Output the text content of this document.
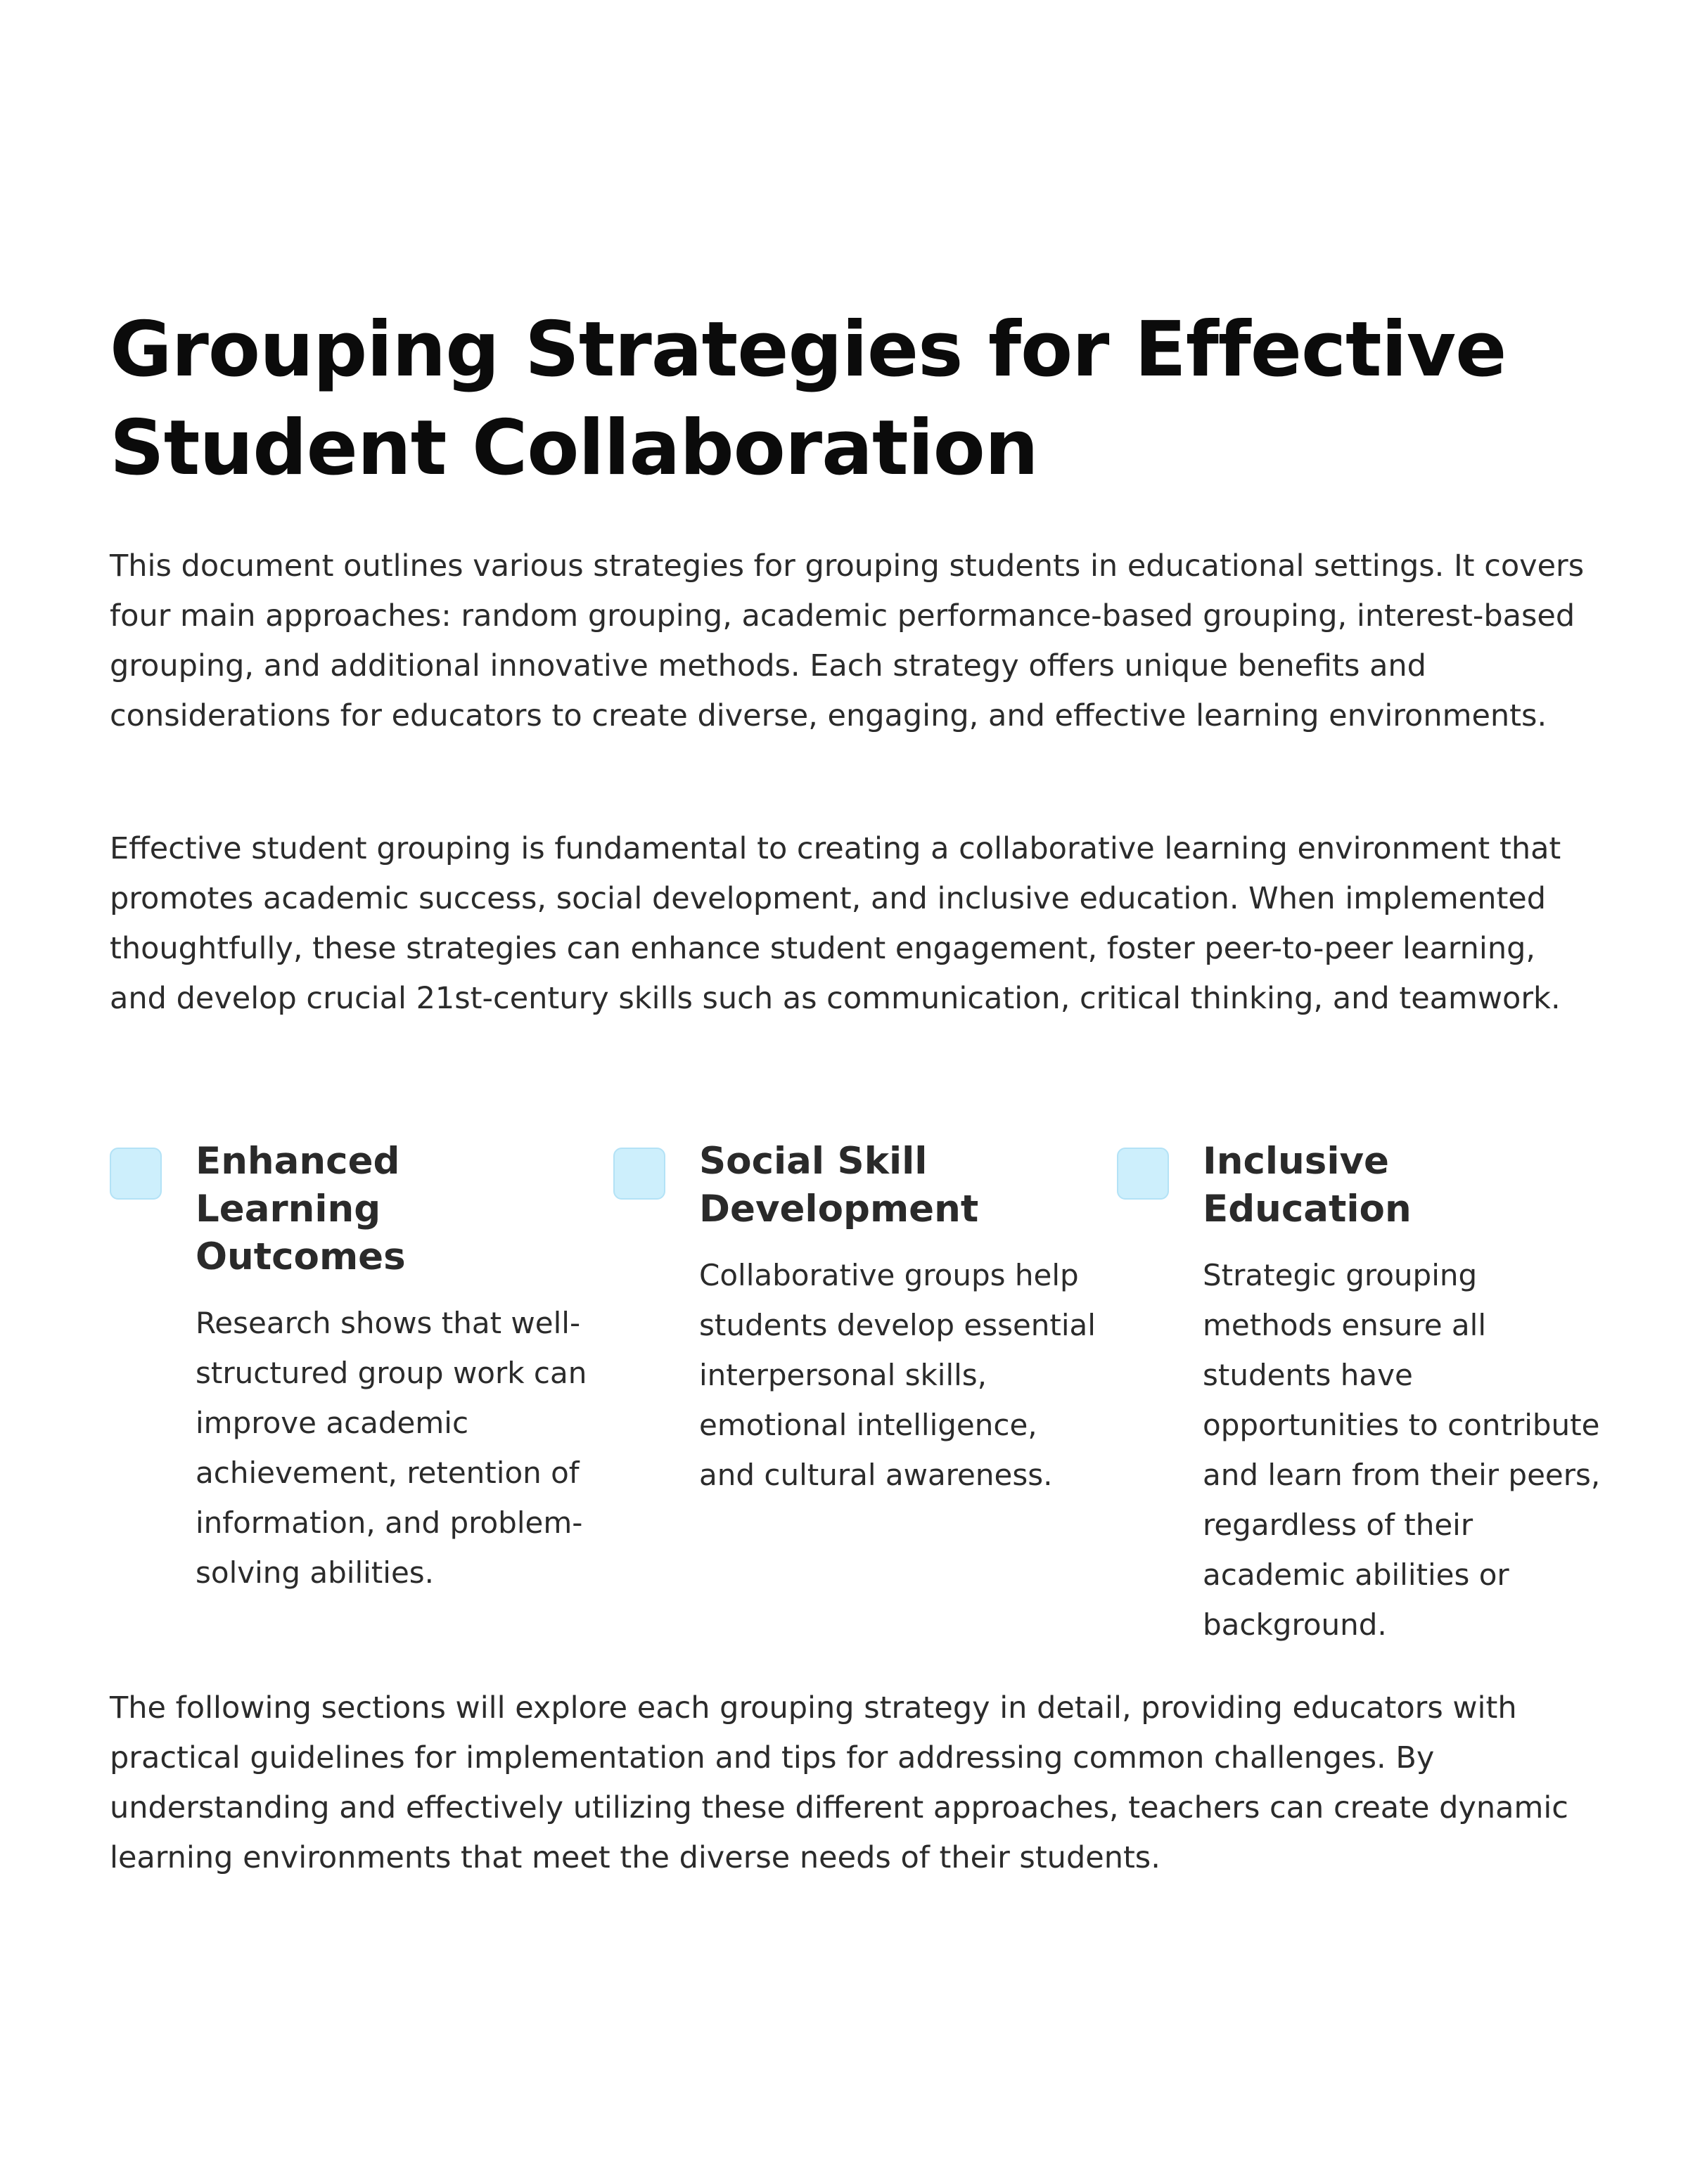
Grouping Strategies for Effective Student Collaboration

This document outlines various strategies for grouping students in educational settings. It covers four main approaches: random grouping, academic performance-based grouping, interest-based grouping, and additional innovative methods. Each strategy offers unique benefits and considerations for educators to create diverse, engaging, and effective learning environments.

Effective student grouping is fundamental to creating a collaborative learning environment that promotes academic success, social development, and inclusive education. When implemented thoughtfully, these strategies can enhance student engagement, foster peer-to-peer learning, and develop crucial 21st-century skills such as communication, critical thinking, and teamwork.

Enhanced Learning Outcomes

Research shows that well-structured group work can improve academic achievement, retention of information, and problem-solving abilities.

Social Skill Development

Collaborative groups help students develop essential interpersonal skills, emotional intelligence, and cultural awareness.

Inclusive Education

Strategic grouping methods ensure all students have opportunities to contribute and learn from their peers, regardless of their academic abilities or background.

The following sections will explore each grouping strategy in detail, providing educators with practical guidelines for implementation and tips for addressing common challenges. By understanding and effectively utilizing these different approaches, teachers can create dynamic learning environments that meet the diverse needs of their students.
